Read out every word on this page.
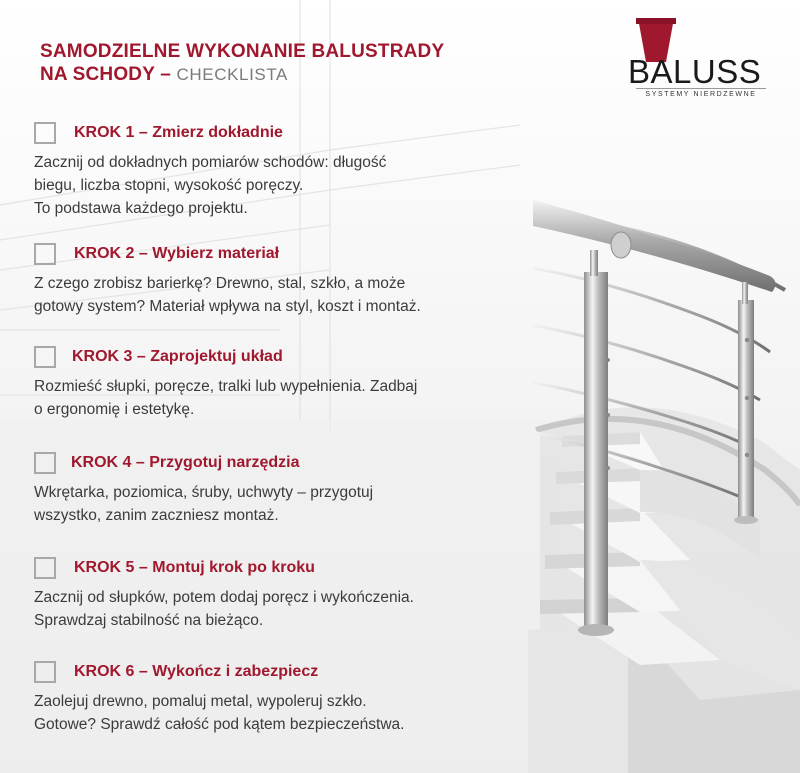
SAMODZIELNE WYKONANIE BALUSTRADY
NA SCHODY – CHECKLISTA	BALUSS
SYSTEMY NIERDZEWNE
KROK 1 – Zmierz dokładnie
Zacznij od dokładnych pomiarów schodów: długość
biegu, liczba stopni, wysokość poręczy.
To podstawa każdego projektu.
KROK 2 – Wybierz materiał
Z czego zrobisz barierkę? Drewno, stal, szkło, a może
gotowy system? Materiał wpływa na styl, koszt i montaż.
KROK 3 – Zaprojektuj układ
Rozmieść słupki, poręcze, tralki lub wypełnienia. Zadbaj
o ergonomię i estetykę.
KROK 4 – Przygotuj narzędzia
Wkrętarka, poziomica, śruby, uchwyty – przygotuj
wszystko, zanim zaczniesz montaż.
KROK 5 – Montuj krok po kroku
Zacznij od słupków, potem dodaj poręcz i wykończenia.
Sprawdzaj stabilność na bieżąco.
KROK 6 – Wykończ i zabezpiecz
Zaolejuj drewno, pomaluj metal, wypoleruj szkło.
Gotowe? Sprawdź całość pod kątem bezpieczeństwa.
